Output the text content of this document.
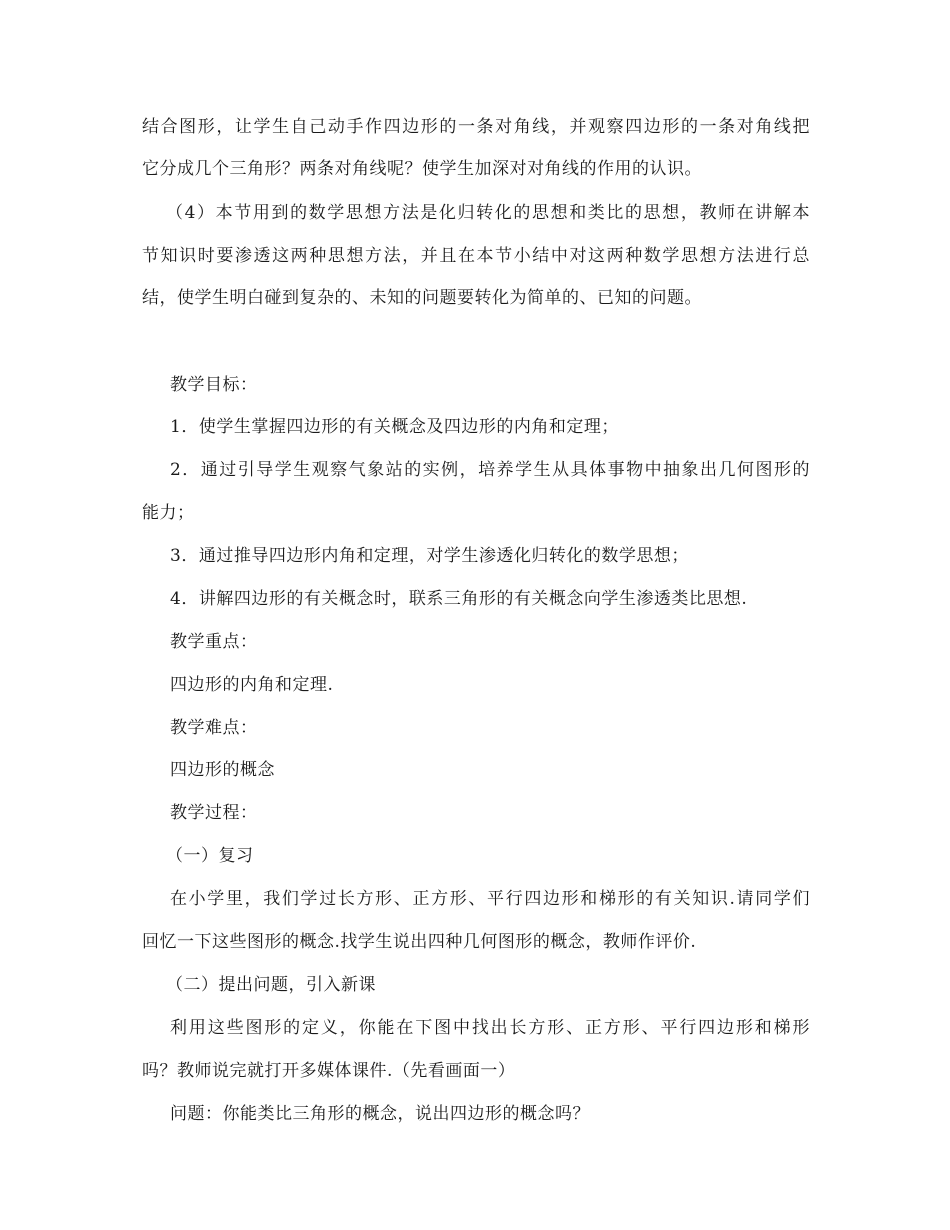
结合图形，让学生自己动手作四边形的一条对角线，并观察四边形的一条对角线把
它分成几个三角形？两条对角线呢？使学生加深对对角线的作用的认识。
（4）本节用到的数学思想方法是化归转化的思想和类比的思想，教师在讲解本
节知识时要渗透这两种思想方法，并且在本节小结中对这两种数学思想方法进行总
结，使学生明白碰到复杂的、未知的问题要转化为简单的、已知的问题。
教学目标：
1．使学生掌握四边形的有关概念及四边形的内角和定理；
2．通过引导学生观察气象站的实例，培养学生从具体事物中抽象出几何图形的
能力；
3．通过推导四边形内角和定理，对学生渗透化归转化的数学思想；
4．讲解四边形的有关概念时，联系三角形的有关概念向学生渗透类比思想.
教学重点：
四边形的内角和定理.
教学难点：
四边形的概念
教学过程：
（一）复习
在小学里，我们学过长方形、正方形、平行四边形和梯形的有关知识.请同学们
回忆一下这些图形的概念.找学生说出四种几何图形的概念，教师作评价.
（二）提出问题，引入新课
利用这些图形的定义，你能在下图中找出长方形、正方形、平行四边形和梯形
吗？教师说完就打开多媒体课件.（先看画面一）
问题：你能类比三角形的概念，说出四边形的概念吗？
